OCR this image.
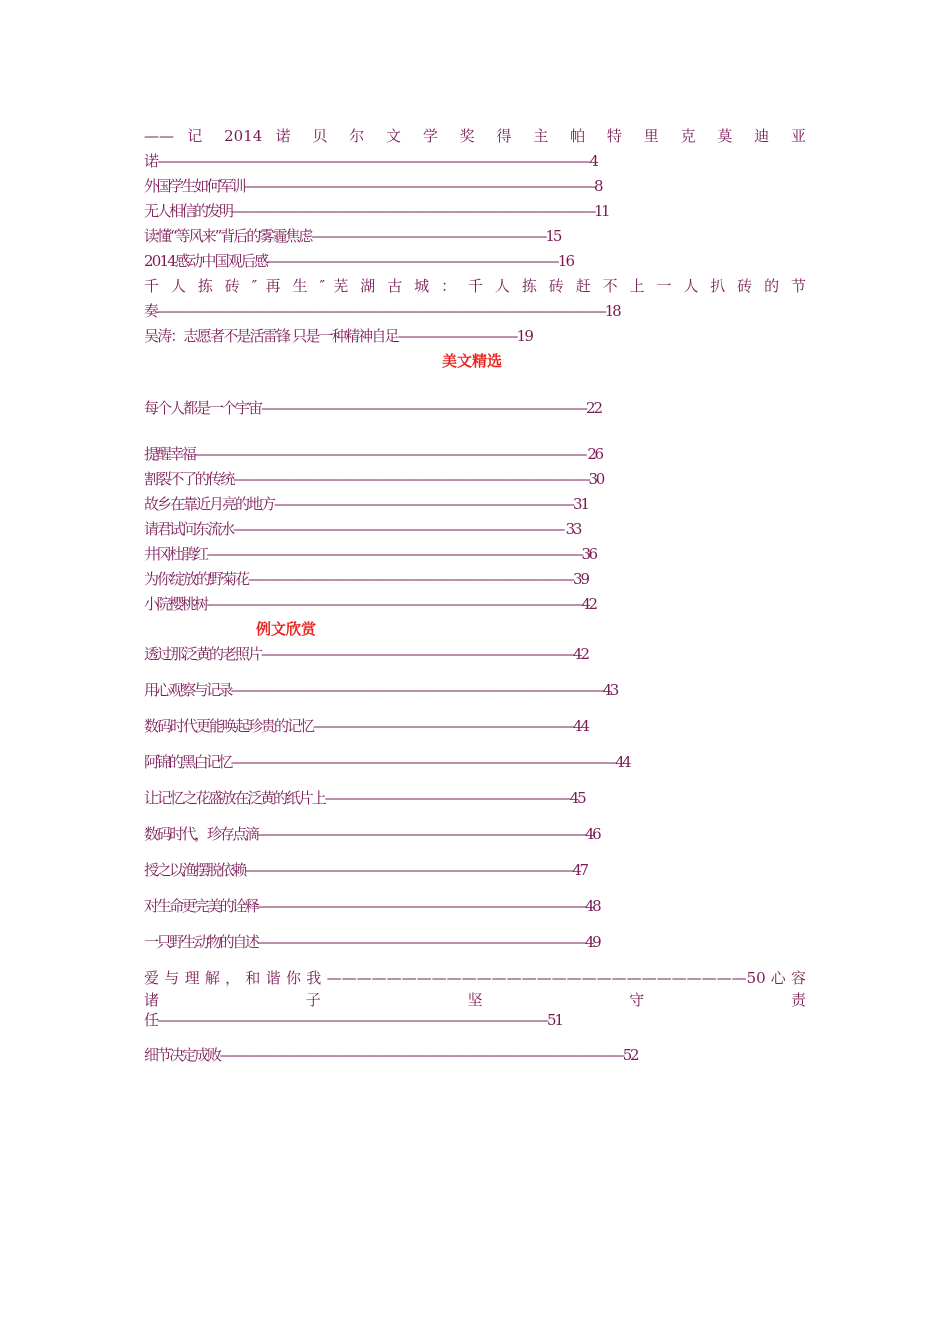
—— 记 2014 诺 贝 尔 文 学 奖 得 主 帕 特 里 克 莫 迪 亚
诺————————————————————————————————4
外国学生如何军训————————————————————————————8
无人相信的发明—————————————————————————————11
读懂“等风来”背后的雾霾焦虑——————————————————15
2014感动中国观后感——————————————————————16
千 人 拣 砖 ″ 再 生 ″ 芜 湖 古 城 ： 千 人 拣 砖 赶 不 上 一 人 扒 砖 的 节
奏———————————————————————————————————18
吴涛：志愿者不是活雷锋 只是一种精神自足—————————19
美文精选
每个人都是一个宇宙—————————————————————————22
提醒幸福——————————————————————————————— 26
割裂不了的传统————————————————————————————30
故乡在靠近月亮的地方———————————————————————31
请君试问东流水—————————————————————————— 33
井冈杜鹃红——————————————————————————————36
为你绽放的野菊花—————————————————————————39
小院樱桃树——————————————————————————————42
例文欣赏
透过那泛黄的老照片————————————————————————42
用心观察与记录——————————————————————————————43
数码时代更能唤起珍贵的记忆————————————————————44
阿锦的黑白记忆———————————————————————————————44
让记忆之花盛放在泛黄的纸片上———————————————————45
数码时代，珍存点滴——————————————————————————46
授之以渔摆脱依赖——————————————————————————47
对生命更完美的诠释——————————————————————————48
一只野生动物的自述——————————————————————————49
爱 与 理 解 ， 和 谐 你 我 ————————————————————————————50 心 容 诸 子 坚 守 责
任——————————————————————————————51
细节决定成败————————————————————————————————52
